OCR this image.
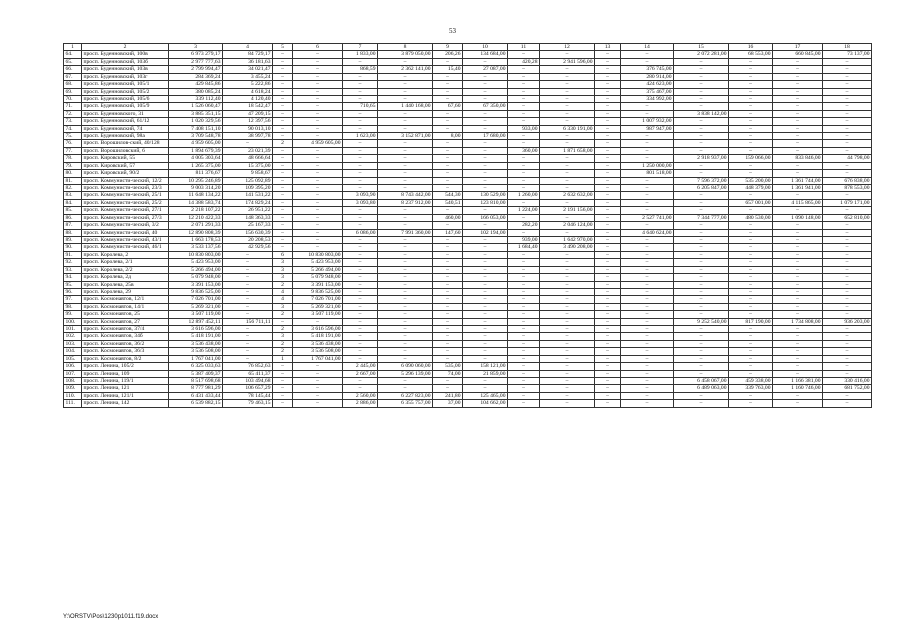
53
1	2	3	4	5	6	7	8	9	10	11	12	13	14	15	16	17	18
64.	просп. Буденновский, 100в	6 973 279,17	84 729,17	–	–	1 833,00	3 879 050,00	206,26	134 684,00	–	–	–	–	2 072 281,00	68 553,00	660 845,00	73 137,00
65.	просп. Буденновский, 103б	2 977 777,63	36 181,63	–	–	–	–	–	–	420,28	2 941 596,00	–	–	–	–	–	–
66.	просп. Буденновский, 103в	2 799 994,47	34 021,47	–	–	868,59	2 362 141,00	15,40	27 087,00	–	–	–	376 745,00	–	–	–	–
67.	просп. Буденновский, 103г	284 369,24	3 455,24	–	–	–	–	–	–	–	–	–	280 914,00	–	–	–	–
68.	просп. Буденновский, 105/1	429 845,86	5 222,86	–	–	–	–	–	–	–	–	–	424 623,00	–	–	–	–
69.	просп. Буденновский, 105/2	380 085,24	4 618,24	–	–	–	–	–	–	–	–	–	375 467,00	–	–	–	–
70.	просп. Буденновский, 105/6	339 112,40	4 120,40	–	–	–	–	–	–	–	–	–	334 992,00	–	–	–	–
71.	просп. Буденновский, 105/9	1 526 060,47	18 542,47	–	–	710,65	1 440 168,00	67,60	67 350,00	–	–	–	–	–	–	–	–
72.	просп. Буденновского, 31	3 885 351,15	47 209,15	–	–	–	–	–	–	–	–	–	–	3 838 142,00	–	–	–
73.	просп. Буденновский, 61/12	1 020 329,56	12 397,56	–	–	–	–	–	–	–	–	–	1 007 932,00	–	–	–	–
74.	просп. Буденновский, 74	7 408 151,10	90 013,10	–	–	–	–	–	–	933,00	6 330 191,00	–	987 947,00	–	–	–	–
75.	просп. Буденновский, 98а	3 709 548,78	38 997,78	–	–	1 623,00	3 152 871,00	8,00	17 680,00	–	–	–	–	–	–	–	–
76.	просп. Ворошилов-ский, 40/128	4 959 605,00	–	2	4 959 605,00	–	–	–	–	–	–	–	–	–	–	–	–
77.	просп. Ворошиловский, 6	1 894 679,39	23 021,39	–	–	–	–	–	–	360,00	1 871 658,00	–	–	–	–	–	–
78.	просп. Кировский, 55	4 005 303,64	48 666,64	–	–	–	–	–	–	–	–	–	–	2 918 937,00	159 066,00	833 846,00	44 798,00
79.	просп. Кировский, 57	1 265 375,00	15 375,00	–	–	–	–	–	–	–	–	–	1 250 000,00	–	–	–	–
80.	просп. Кировский, 90/2	811 376,67	9 858,67	–	–	–	–	–	–	–	–	–	801 518,00	–	–	–	–
81.	просп. Коммунисти-ческий, 12/2	10 295 246,89	125 092,89	–	–	–	–	–	–	–	–	–	–	7 596 372,00	535 200,00	1 361 744,00	676 838,00
82.	просп. Коммунисти-ческий, 23/3	9 003 314,20	109 395,20	–	–	–	–	–	–	–	–	–	–	6 205 847,00	448 379,00	1 361 941,00	878 553,00
83.	просп. Коммунисти-ческий, 25/1	11 648 134,22	141 531,22	–	–	3 093,90	8 743 442,00	544,30	130 529,00	1 260,00	2 632 632,00	–	–	–	–	–	–
84.	просп. Коммунисти-ческий, 25/2	14 388 583,74	174 829,24	–	–	3 093,80	8 237 912,00	540,51	123 810,00	–	–	–	–	–	657 001,00	4 115 865,00	1 079 171,00
85.	просп. Коммунисти-ческий, 27/1	2 218 107,22	26 951,22	–	–	–	–	–	–	1 224,00	2 191 156,00	–	–	–	–	–	–
86.	просп. Коммунисти-ческий, 27/3	12 210 422,33	148 363,33	–	–	–	–	460,00	166 053,00	–	–	–	2 527 741,00	7 344 777,00	480 530,00	1 090 148,00	652 810,00
87.	просп. Коммунисти-ческий, 3/2	2 071 291,33	25 167,33	–	–	–	–	–	–	282,20	2 046 124,00	–	–	–	–	–	–
88.	просп. Коммунисти-ческий, 40	12 890 808,39	156 630,39	–	–	6 086,00	7 991 360,00	147,60	102 194,00	–	–	–	4 640 624,00	–	–	–	–
89.	просп. Коммунисти-ческий, 43/1	1 663 178,53	20 208,53	–	–	–	–	–	–	939,00	1 642 970,00	–	–	–	–	–	–
90.	просп. Коммунисти-ческий, 46/1	3 533 137,56	42 929,56	–	–	–	–	–	–	1 684,40	3 490 208,00	–	–	–	–	–	–
91.	просп. Королева, 2	10 830 803,00	–	6	10 830 803,00	–	–	–	–	–	–	–	–	–	–	–	–
92.	просп. Королева, 2/1	5 423 953,00	–	3	5 423 953,00	–	–	–	–	–	–	–	–	–	–	–	–
93.	просп. Королева, 2/2	5 266 494,00	–	3	5 266 494,00	–	–	–	–	–	–	–	–	–	–	–	–
94.	просп. Королева, 2д	5 079 948,00	–	3	5 079 948,00	–	–	–	–	–	–	–	–	–	–	–	–
95.	просп. Королева, 25в	3 391 153,00	–	2	3 391 153,00	–	–	–	–	–	–	–	–	–	–	–	–
96.	просп. Королева, 29	9 836 525,00	–	4	9 836 525,00	–	–	–	–	–	–	–	–	–	–	–	–
97.	просп. Космонавтов, 12/1	7 026 701,00	–	4	7 026 701,00	–	–	–	–	–	–	–	–	–	–	–	–
98.	просп. Космонавтов, 14/1	5 269 321,00	–	3	5 269 321,00	–	–	–	–	–	–	–	–	–	–	–	–
99.	просп. Космонавтов, 25	3 507 119,00	–	2	3 507 119,00	–	–	–	–	–	–	–	–	–	–	–	–
100.	просп. Космонавтов, 27	12 897 452,11	156 711,11	–	–	–	–	–	–	–	–	–	–	9 252 540,00	817 190,00	1 734 808,00	936 203,00
101.	просп. Космонавтов, 37/4	3 616 596,00	–	2	3 616 596,00	–	–	–	–	–	–	–	–	–	–	–	–
102.	просп. Космонавтов, 34б	5 418 191,00	–	3	5 418 191,00	–	–	–	–	–	–	–	–	–	–	–	–
103.	просп. Космонавтов, 36/2	3 536 438,00	–	2	3 536 438,00	–	–	–	–	–	–	–	–	–	–	–	–
104.	просп. Космонавтов, 36/3	3 536 508,00	–	2	3 536 508,00	–	–	–	–	–	–	–	–	–	–	–	–
105.	просп. Космонавтов, 8/2	1 767 041,00	–	1	1 767 041,00	–	–	–	–	–	–	–	–	–	–	–	–
106.	просп. Ленина, 105/2	6 325 033,63	76 852,63	–	–	2 445,00	6 090 060,00	535,00	158 121,00	–	–	–	–	–	–	–	–
107.	просп. Ленина, 109	5 387 409,37	65 411,37	–	–	2 667,00	5 296 139,00	74,00	21 859,00	–	–	–	–	–	–	–	–
108.	просп. Ленина, 119/1	8 517 698,68	103 494,68	–	–	–	–	–	–	–	–	–	–	6 458 067,00	459 338,00	1 166 381,00	330 416,00
109.	просп. Ленина, 121	8 777 981,29	106 657,29	–	–	–	–	–	–	–	–	–	–	6 489 063,00	339 763,00	1 160 746,00	681 752,00
110.	просп. Ленина, 121/1	6 431 433,44	78 145,44	–	–	2 560,00	6 227 823,00	241,80	125 465,00	–	–	–	–	–	–	–	–
111.	просп. Ленина, 142	6 539 882,15	79 463,15	–	–	2 886,00	6 355 757,00	37,00	104 662,00	–	–	–	–	–	–	–	–
Y:\ORSTV\Pos\1230p1011.f19.docx
